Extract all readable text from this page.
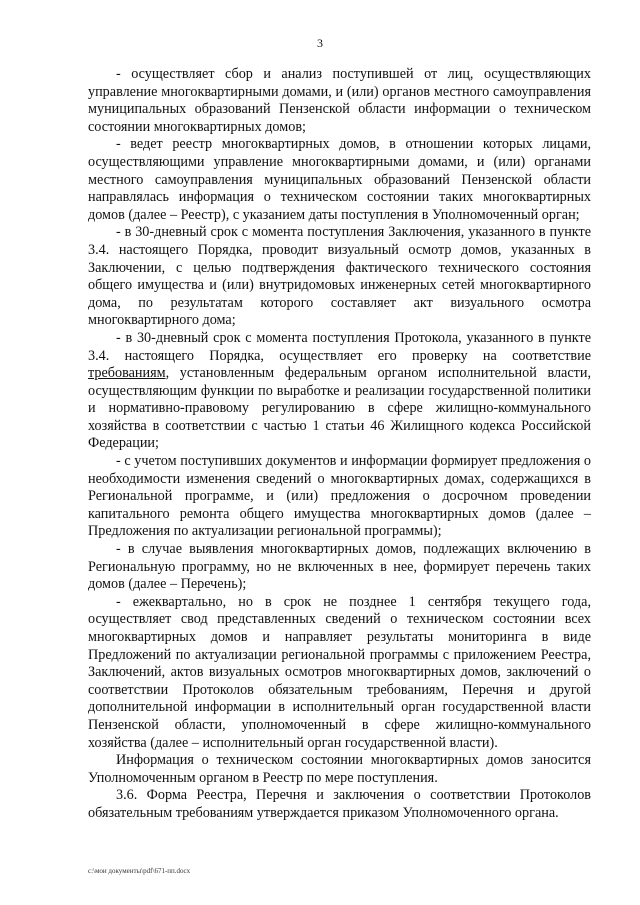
3

- осуществляет сбор и анализ поступившей от лиц, осуществляющих управление многоквартирными домами, и (или) органов местного самоуправления муниципальных образований Пензенской области информации о техническом состоянии многоквартирных домов;

- ведет реестр многоквартирных домов, в отношении которых лицами, осуществляющими управление многоквартирными домами, и (или) органами местного самоуправления муниципальных образований Пензенской области направлялась информация о техническом состоянии таких многоквартирных домов (далее – Реестр), с указанием даты поступления в Уполномоченный орган;

- в 30-дневный срок с момента поступления Заключения, указанного в пункте 3.4. настоящего Порядка, проводит визуальный осмотр домов, указанных в Заключении, с целью подтверждения фактического технического состояния общего имущества и (или) внутридомовых инженерных сетей многоквартирного дома, по результатам которого составляет акт визуального осмотра многоквартирного дома;

- в 30-дневный срок с момента поступления Протокола, указанного в пункте 3.4. настоящего Порядка, осуществляет его проверку на соответствие требованиям, установленным федеральным органом исполнительной власти, осуществляющим функции по выработке и реализации государственной политики и нормативно-правовому регулированию в сфере жилищно-коммунального хозяйства в соответствии с частью 1 статьи 46 Жилищного кодекса Российской Федерации;

- с учетом поступивших документов и информации формирует предложения о необходимости изменения сведений о многоквартирных домах, содержащихся в Региональной программе, и (или) предложения о досрочном проведении капитального ремонта общего имущества многоквартирных домов (далее – Предложения по актуализации региональной программы);

- в случае выявления многоквартирных домов, подлежащих включению в Региональную программу, но не включенных в нее, формирует перечень таких домов (далее – Перечень);

- ежеквартально, но в срок не позднее 1 сентября текущего года, осуществляет свод представленных сведений о техническом состоянии всех многоквартирных домов и направляет результаты мониторинга в виде Предложений по актуализации региональной программы с приложением Реестра, Заключений, актов визуальных осмотров многоквартирных домов, заключений о соответствии Протоколов обязательным требованиям, Перечня и другой дополнительной информации в исполнительный орган государственной власти Пензенской области, уполномоченный в сфере жилищно-коммунального хозяйства (далее – исполнительный орган государственной власти).

Информация о техническом состоянии многоквартирных домов заносится Уполномоченным органом в Реестр по мере поступления.

3.6. Форма Реестра, Перечня и заключения о соответствии Протоколов обязательным требованиям утверждается приказом Уполномоченного органа.

c:\мои документы\pdf\671-пп.docx
